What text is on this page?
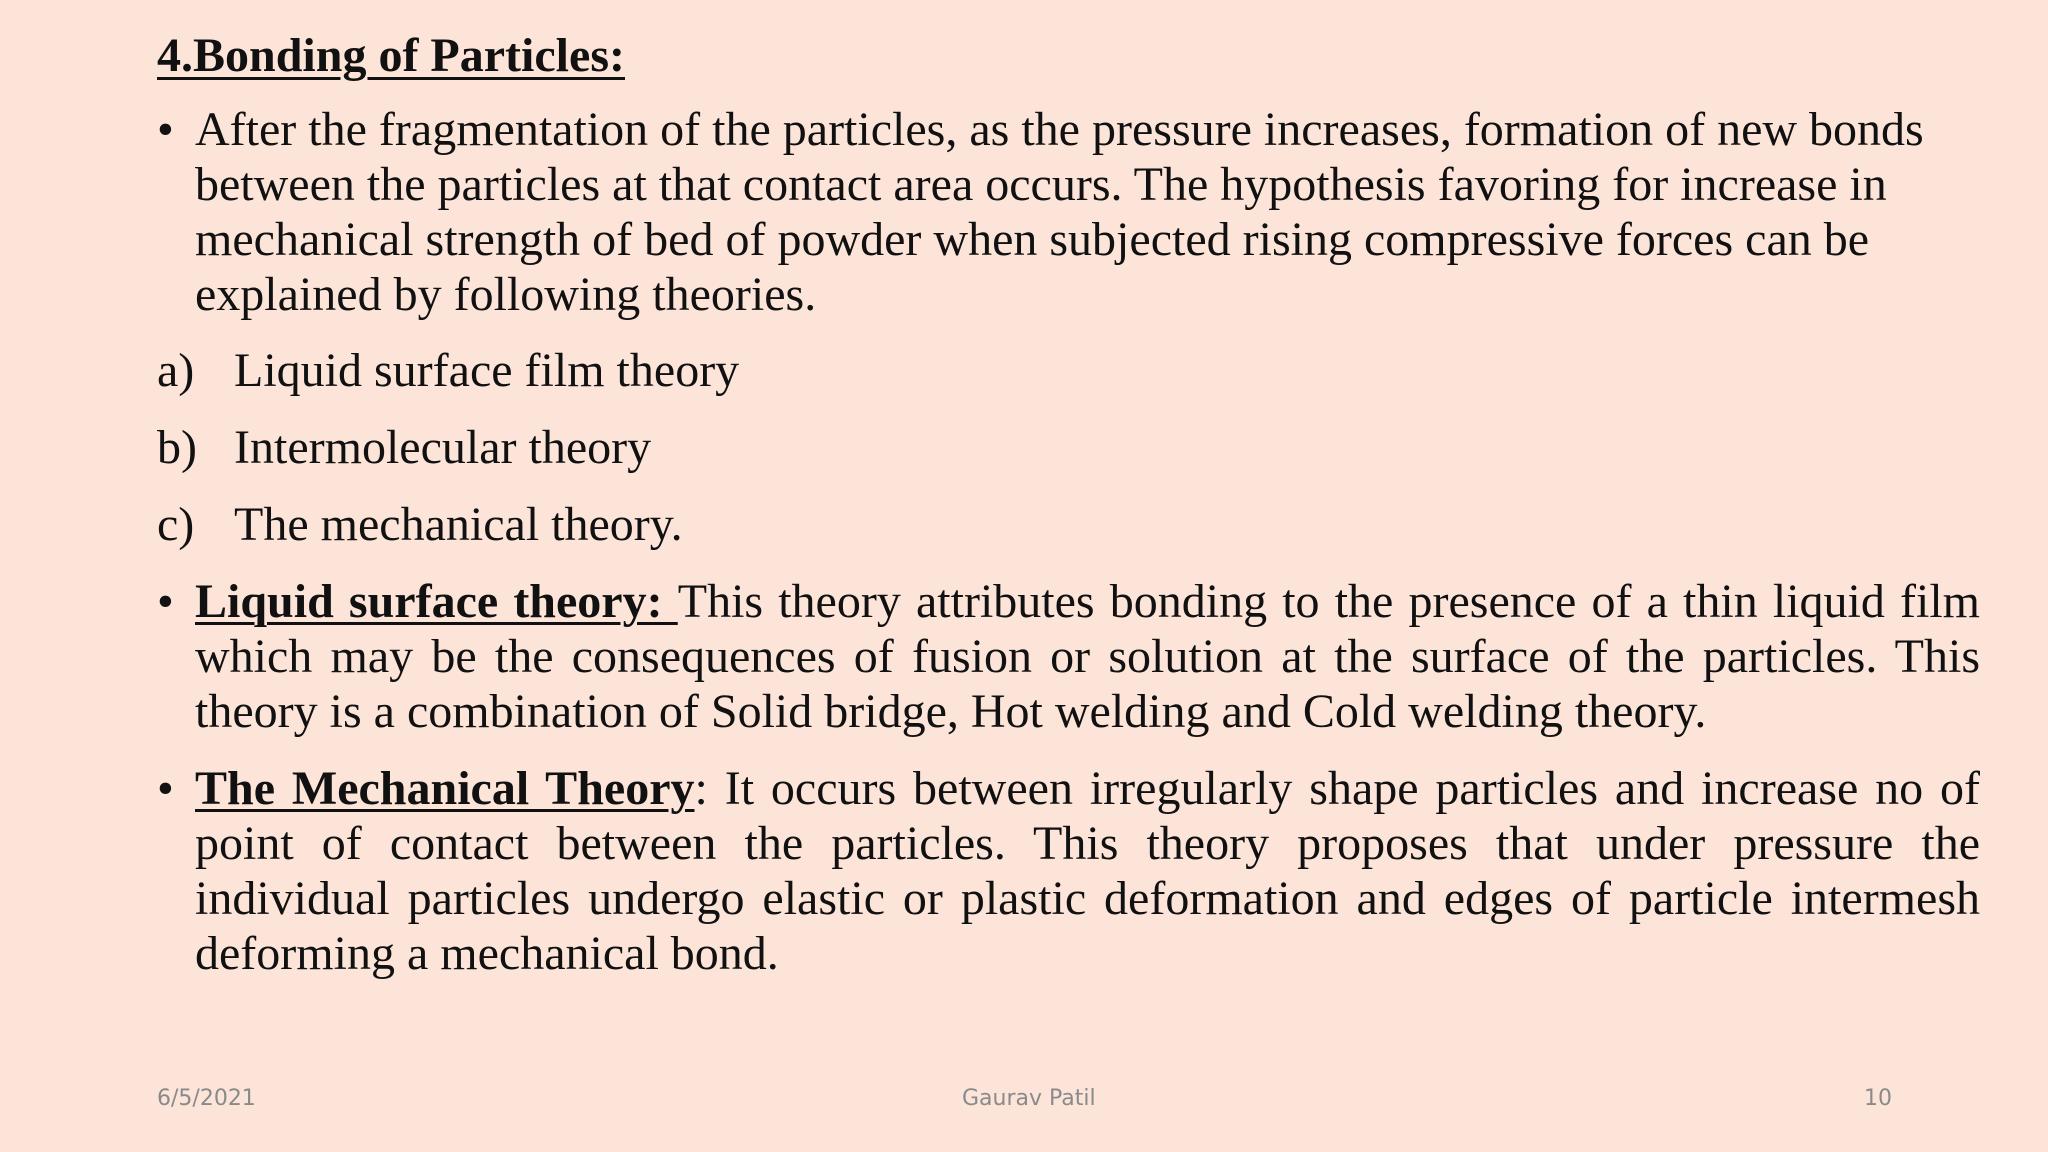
4.Bonding of Particles:
• After the fragmentation of the particles, as the pressure increases, formation of new bonds between the particles at that contact area occurs. The hypothesis favoring for increase in mechanical strength of bed of powder when subjected rising compressive forces can be explained by following theories.
a) Liquid surface film theory
b) Intermolecular theory
c) The mechanical theory.
• Liquid surface theory: This theory attributes bonding to the presence of a thin liquid film which may be the consequences of fusion or solution at the surface of the particles. This theory is a combination of Solid bridge, Hot welding and Cold welding theory.
• The Mechanical Theory: It occurs between irregularly shape particles and increase no of point of contact between the particles. This theory proposes that under pressure the individual particles undergo elastic or plastic deformation and edges of particle intermesh deforming a mechanical bond.
6/5/2021	Gaurav Patil	10
